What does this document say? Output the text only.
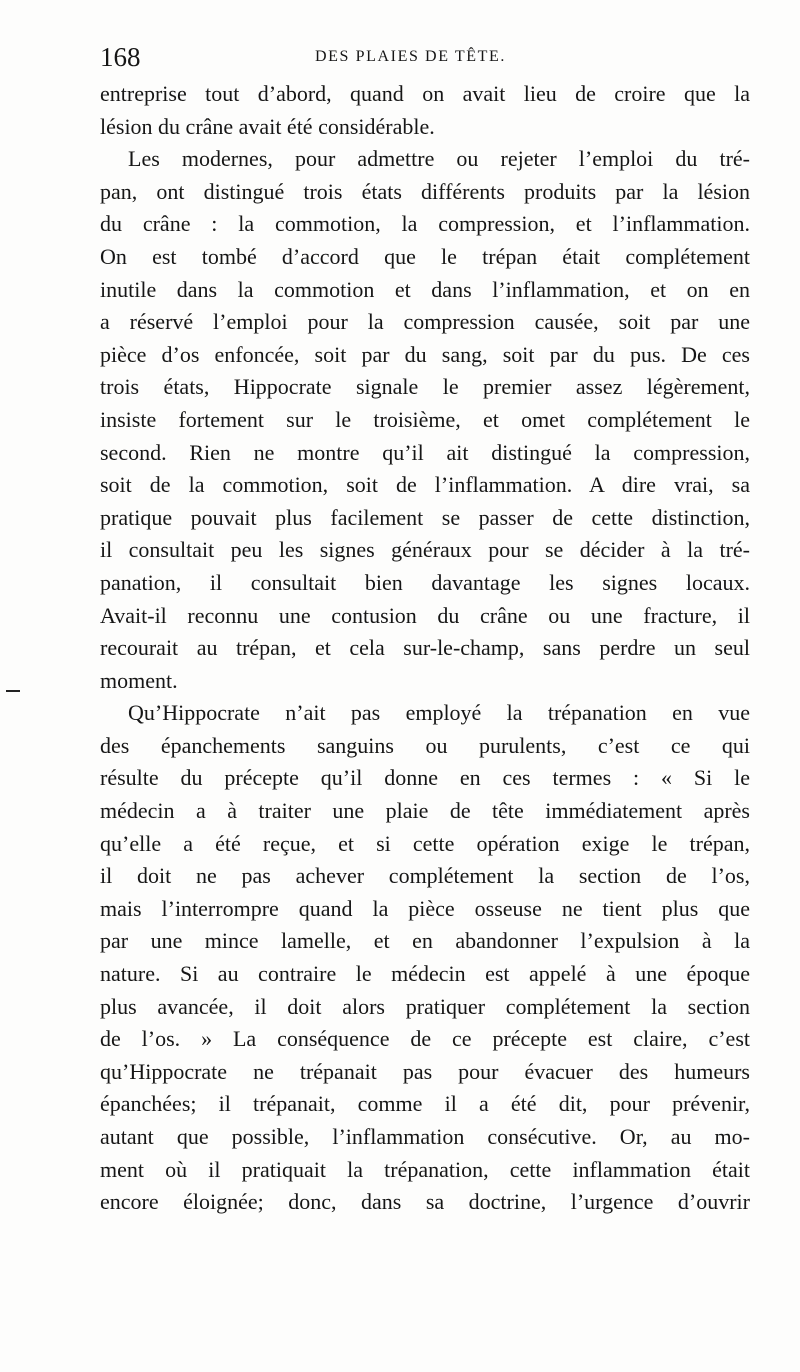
168	DES PLAIES DE TÊTE.
entreprise tout d’abord, quand on avait lieu de croire que la
lésion du crâne avait été considérable.
Les modernes, pour admettre ou rejeter l’emploi du tré-
pan, ont distingué trois états différents produits par la lésion
du crâne : la commotion, la compression, et l’inflammation.
On est tombé d’accord que le trépan était complétement
inutile dans la commotion et dans l’inflammation, et on en
a réservé l’emploi pour la compression causée, soit par une
pièce d’os enfoncée, soit par du sang, soit par du pus. De ces
trois états, Hippocrate signale le premier assez légèrement,
insiste fortement sur le troisième, et omet complétement le
second. Rien ne montre qu’il ait distingué la compression,
soit de la commotion, soit de l’inflammation. A dire vrai, sa
pratique pouvait plus facilement se passer de cette distinction,
il consultait peu les signes généraux pour se décider à la tré-
panation, il consultait bien davantage les signes locaux.
Avait-il reconnu une contusion du crâne ou une fracture, il
recourait au trépan, et cela sur-le-champ, sans perdre un seul
moment.
Qu’Hippocrate n’ait pas employé la trépanation en vue
des épanchements sanguins ou purulents, c’est ce qui
résulte du précepte qu’il donne en ces termes : « Si le
médecin a à traiter une plaie de tête immédiatement après
qu’elle a été reçue, et si cette opération exige le trépan,
il doit ne pas achever complétement la section de l’os,
mais l’interrompre quand la pièce osseuse ne tient plus que
par une mince lamelle, et en abandonner l’expulsion à la
nature. Si au contraire le médecin est appelé à une époque
plus avancée, il doit alors pratiquer complétement la section
de l’os. » La conséquence de ce précepte est claire, c’est
qu’Hippocrate ne trépanait pas pour évacuer des humeurs
épanchées; il trépanait, comme il a été dit, pour prévenir,
autant que possible, l’inflammation consécutive. Or, au mo-
ment où il pratiquait la trépanation, cette inflammation était
encore éloignée; donc, dans sa doctrine, l’urgence d’ouvrir
